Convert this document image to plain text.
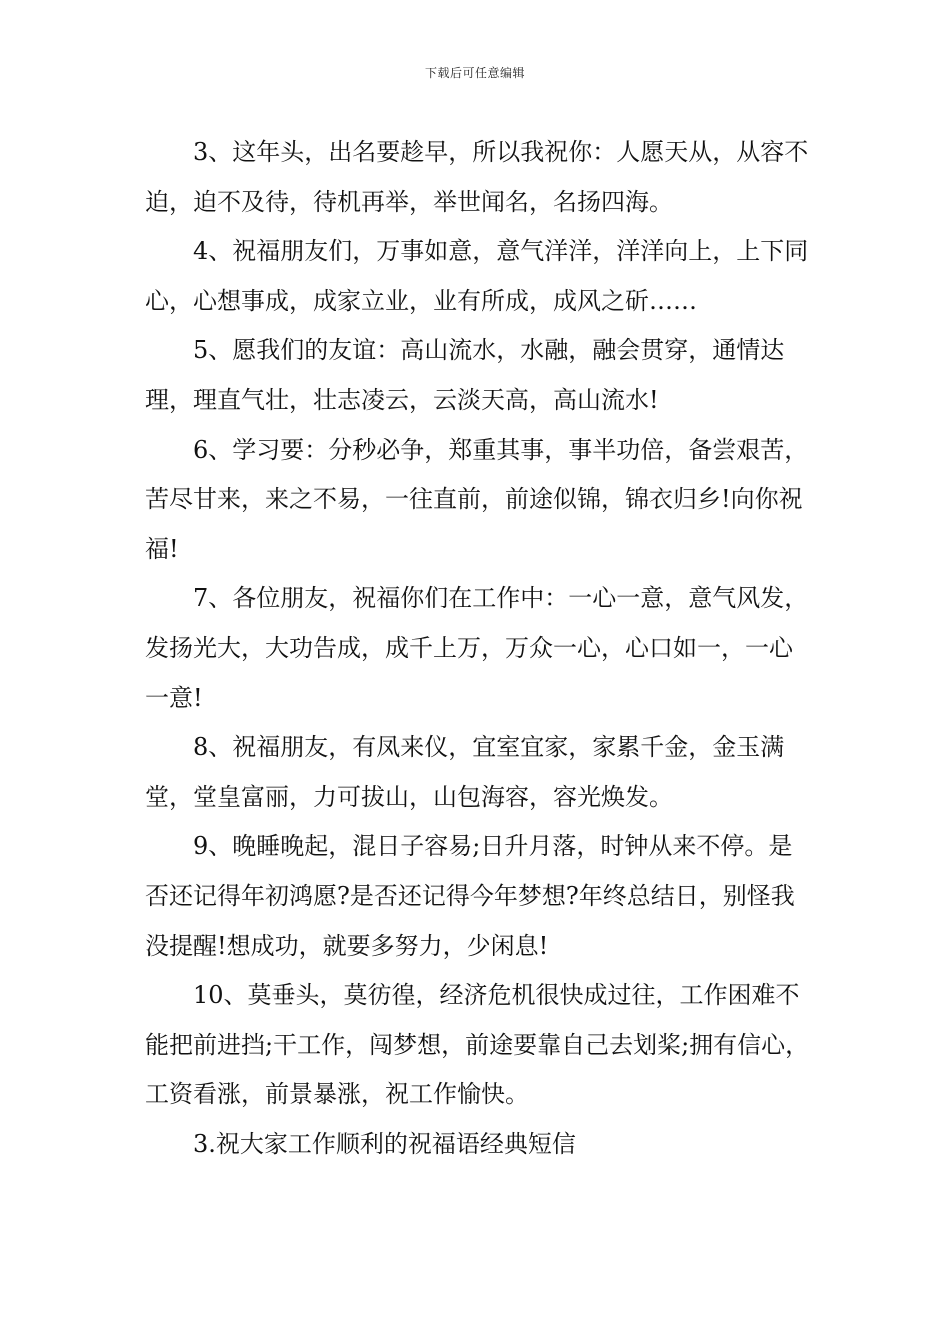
下载后可任意编辑

3、这年头，出名要趁早，所以我祝你：人愿天从，从容不迫，迫不及待，待机再举，举世闻名，名扬四海。

4、祝福朋友们，万事如意，意气洋洋，洋洋向上，上下同心，心想事成，成家立业，业有所成，成风之斫……

5、愿我们的友谊：高山流水，水融，融会贯穿，通情达理，理直气壮，壮志凌云，云淡天高，高山流水!

6、学习要：分秒必争，郑重其事，事半功倍，备尝艰苦，苦尽甘来，来之不易，一往直前，前途似锦，锦衣归乡!向你祝福!

7、各位朋友，祝福你们在工作中：一心一意，意气风发，发扬光大，大功告成，成千上万，万众一心，心口如一，一心一意!

8、祝福朋友，有凤来仪，宜室宜家，家累千金，金玉满堂，堂皇富丽，力可拔山，山包海容，容光焕发。

9、晚睡晚起，混日子容易;日升月落，时钟从来不停。是否还记得年初鸿愿?是否还记得今年梦想?年终总结日，别怪我没提醒!想成功，就要多努力，少闲息!

10、莫垂头，莫彷徨，经济危机很快成过往，工作困难不能把前进挡;干工作，闯梦想，前途要靠自己去划桨;拥有信心，工资看涨，前景暴涨，祝工作愉快。

3.祝大家工作顺利的祝福语经典短信
